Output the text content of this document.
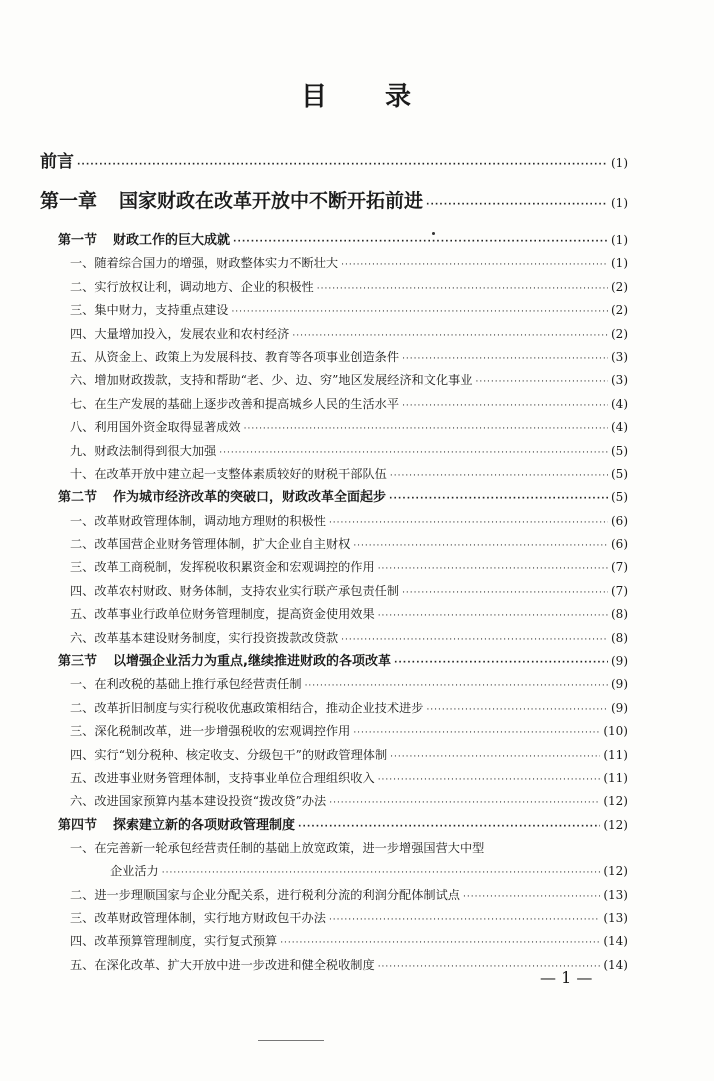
目 录
前言 ·····	(1)
第一章 国家财政在改革开放中不断开拓前进 ·····	(1)
第一节 财政工作的巨大成就 ·····	(1)
一、随着综合国力的增强，财政整体实力不断壮大 ·····	(1)
二、实行放权让利，调动地方、企业的积极性 ·····	(2)
三、集中财力，支持重点建设 ·····	(2)
四、大量增加投入，发展农业和农村经济 ·····	(2)
五、从资金上、政策上为发展科技、教育等各项事业创造条件 ·····	(3)
六、增加财政拨款，支持和帮助“老、少、边、穷”地区发展经济和文化事业 ·····	(3)
七、在生产发展的基础上逐步改善和提高城乡人民的生活水平 ·····	(4)
八、利用国外资金取得显著成效 ·····	(4)
九、财政法制得到很大加强 ·····	(5)
十、在改革开放中建立起一支整体素质较好的财税干部队伍 ·····	(5)
第二节 作为城市经济改革的突破口，财政改革全面起步 ·····	(5)
一、改革财政管理体制，调动地方理财的积极性 ·····	(6)
二、改革国营企业财务管理体制，扩大企业自主财权 ·····	(6)
三、改革工商税制，发挥税收积累资金和宏观调控的作用 ·····	(7)
四、改革农村财政、财务体制，支持农业实行联产承包责任制 ·····	(7)
五、改革事业行政单位财务管理制度，提高资金使用效果 ·····	(8)
六、改革基本建设财务制度，实行投资拨款改贷款 ·····	(8)
第三节 以增强企业活力为重点,继续推进财政的各项改革 ·····	(9)
一、在利改税的基础上推行承包经营责任制 ·····	(9)
二、改革折旧制度与实行税收优惠政策相结合，推动企业技术进步 ·····	(9)
三、深化税制改革，进一步增强税收的宏观调控作用 ·····	(10)
四、实行“划分税种、核定收支、分级包干”的财政管理体制 ·····	(11)
五、改进事业财务管理体制，支持事业单位合理组织收入 ·····	(11)
六、改进国家预算内基本建设投资“拨改贷”办法 ·····	(12)
第四节 探索建立新的各项财政管理制度 ·····	(12)
一、在完善新一轮承包经营责任制的基础上放宽政策，进一步增强国营大中型
企业活力 ·····	(12)
二、进一步理顺国家与企业分配关系，进行税利分流的利润分配体制试点 ·····	(13)
三、改革财政管理体制，实行地方财政包干办法 ·····	(13)
四、改革预算管理制度，实行复式预算 ·····	(14)
五、在深化改革、扩大开放中进一步改进和健全税收制度 ·····	(14)
— 1 —
